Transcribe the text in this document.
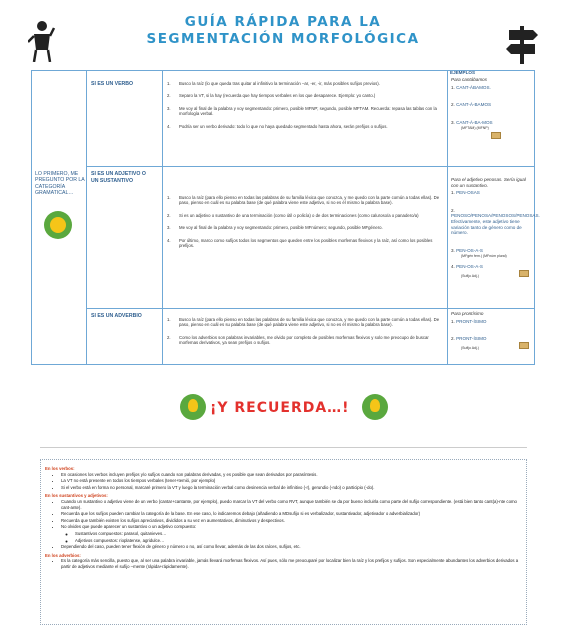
GUÍA RÁPIDA PARA LA
SEGMENTACIÓN MORFOLÓGICA
LO PRIMERO, ME PREGUNTO POR LA CATEGORÍA GRAMATICAL…
EJEMPLOS
SI ES UN VERBO	1.	Busco la raíz (lo que queda tras quitar al infinitivo la terminación –ar, -er, -ir, más posibles sufijos previos).
2.	Separo la VT, si la hay (recuerda que hay tiempos verbales en los que desaparece. Ejemplo: yo canto.)
3.	Me voy al final de la palabra y voy segmentando: primero, posible MFNP; segundo, posible MFTAM. Recuerda: repasa las tablas con la morfología verbal.
4.	Podría ser un verbo derivado: todo lo que no haya quedado segmentado hasta ahora, serán prefijos o sufijos.
Para cantábamos
1. CANT-ÁBAMOS.
2. CANT-Á-BAMOS
3. CANT-Á-BA-MOS
(MFTAM) (MFNP)
SI ES UN ADJETIVO O UN SUSTANTIVO
1.	Busco la raíz (para ello pienso en todas las palabras de su familia léxica que conozca, y me quedo con la parte común a todas ellas). De paso, pienso en cuál es su palabra base (de qué palabra viene este adjetivo, si no es él mismo la palabra base).
2.	Si es un adjetivo o sustantivo de una terminación (como útil o policía) o de dos terminaciones (como caluroso/a o panadero/a)
3.	Me voy al final de la palabra y voy segmentando: primero, posible MFnúmero; segundo, posible MFgénero.
4.	Por último, marco como sufijos todos los segmentos que queden entre los posibles morfemas flexivos y la raíz, así como los posibles prefijos.
Para el adjetivo penosas. Sería igual con un sustantivo.
1. PEN-OSAS
2. PENOSO/PENOSA/PENOSOS/PENOSAS. Efectivamente, este adjetivo tiene variación tanto de género como de número.
3. PEN-OS-A-S
(MFgén fem.) (MFnúm plural)
4. PEN-OS-A-S
(Sufijo Adj.)
SI ES UN ADVERBIO
1.	Busco la raíz (para ello pienso en todas las palabras de su familia léxica que conozca, y me quedo con la parte común a todas ellas). De paso, pienso en cuál es su palabra base (de qué palabra viene este adjetivo, si no es él mismo la palabra base).
2.	Como los adverbios son palabras invariables, me olvido por completo de posibles morfemas flexivos y solo me preocupo de buscar morfemas derivativos, ya sean prefijos o sufijos.
Para prontísimo
1. PRONT-ÍSIMO
2. PRONT-ÍSIMO
(Sufijo Adj.)
¡Y RECUERDA…!
En los verbos:
• En ocasiones los verbos incluyen prefijos y/o sufijos cuando son palabras derivadas, y es posible que sean derivados por parasíntesis.
• La VT no está presente en todos los tiempos verbales (tener+temió, por ejemplo)
• Si el verbo está en forma no personal, marcaré primero la VT y luego la terminación verbal como desinencia verbal de infinitivo (-r), gerundio (-ndo) o participio (-do).
En los sustantivos y adjetivos:
• Cuando un sustantivo o adjetivo viene de un verbo (cantar+cantante, por ejemplo), puedo marcar la VT del verbo como RVT, aunque también se da por bueno incluirla como parte del sufijo correspondiente. (está bien tanto cant(a)-nte como cant-ante).
• Recuerda que los sufijos pueden cambiar la categoría de la base. En ese caso, lo indicaremos debajo (añadiendo a MDsufijo si es verbalizador, sustantivador, adjetivador o adverbializador)
• Recuerda que también existen los sufijos apreciativos, divididos a su vez en aumentativos, diminutivos y despectivos.
• No olvides que puede aparecer un sustantivo o un adjetivo compuesto:
◦ Sustantivos compuestos: parasol, quitanieves…
◦ Adjetivos compuestos: rioplatense, agridulce…
• Dependiendo del caso, pueden tener flexión de género y número o no, así como llevar, además de las dos raíces, sufijos, etc.
En los adverbios:
• Es la categoría más sencilla, puesto que, al ser una palabra invariable, jamás llevará morfemas flexivos. Así pues, sólo me preocuparé por localizar bien la raíz y los prefijos y sufijos. Son especialmente abundantes los adverbios derivados a partir de adjetivos mediante el sufijo –mente (rápida+rápidamente).
